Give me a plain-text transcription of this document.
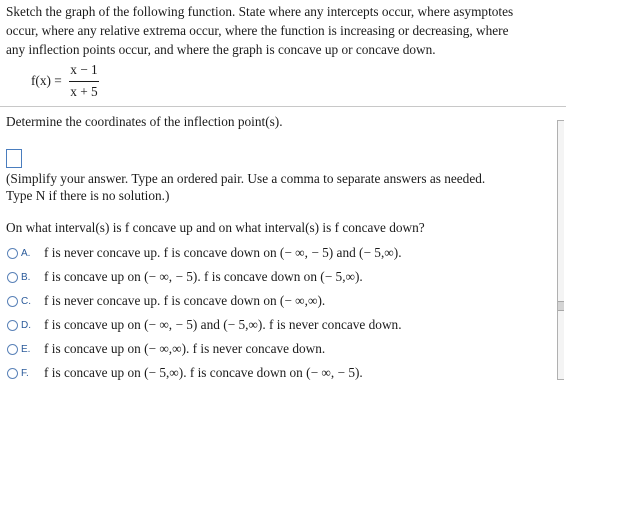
Sketch the graph of the following function. State where any intercepts occur, where asymptotes
occur, where any relative extrema occur, where the function is increasing or decreasing, where
any inflection points occur, and where the graph is concave up or concave down.
f(x) =
x − 1
x + 5
Determine the coordinates of the inflection point(s).
(Simplify your answer. Type an ordered pair. Use a comma to separate answers as needed.
Type N if there is no solution.)
On what interval(s) is f concave up and on what interval(s) is f concave down?
A. f is never concave up. f is concave down on (− ∞, − 5) and (− 5,∞).
B. f is concave up on (− ∞, − 5). f is concave down on (− 5,∞).
C. f is never concave up. f is concave down on (− ∞,∞).
D. f is concave up on (− ∞, − 5) and (− 5,∞). f is never concave down.
E. f is concave up on (− ∞,∞). f is never concave down.
F. f is concave up on (− 5,∞). f is concave down on (− ∞, − 5).
